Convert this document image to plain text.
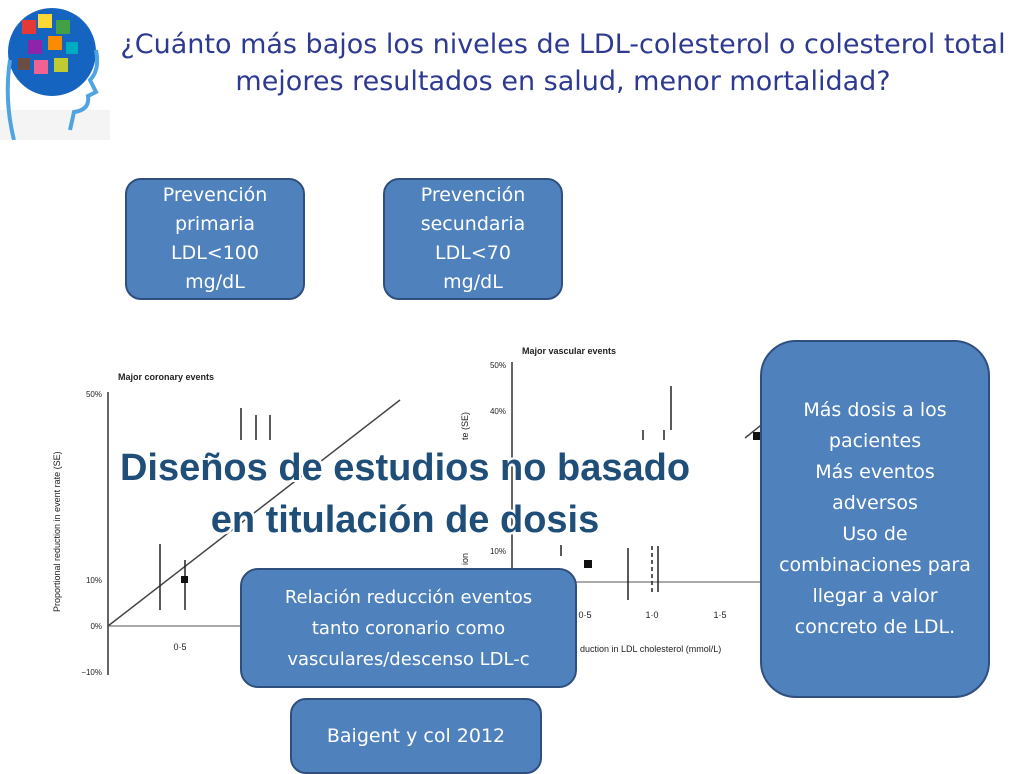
¿Cuánto más bajos los niveles de LDL-colesterol o colesterol total mejores resultados en salud, menor mortalidad?
Major coronary events
Proportional reduction in event rate (SE)
50%
10%
0%
−10%
0·5
Major vascular events
te (SE)
ion
50%
40%
10%
0·5	1·0	1·5
duction in LDL cholesterol (mmol/L)
Diseños de estudios no basado
en titulación de dosis
Prevención
primaria
LDL<100
mg/dL
Prevención
secundaria
LDL<70
mg/dL
Más dosis a los pacientes
Más eventos adversos
Uso de combinaciones para llegar a valor concreto de LDL.
Relación reducción eventos
tanto coronario como
vasculares/descenso LDL-c
Baigent y col 2012
